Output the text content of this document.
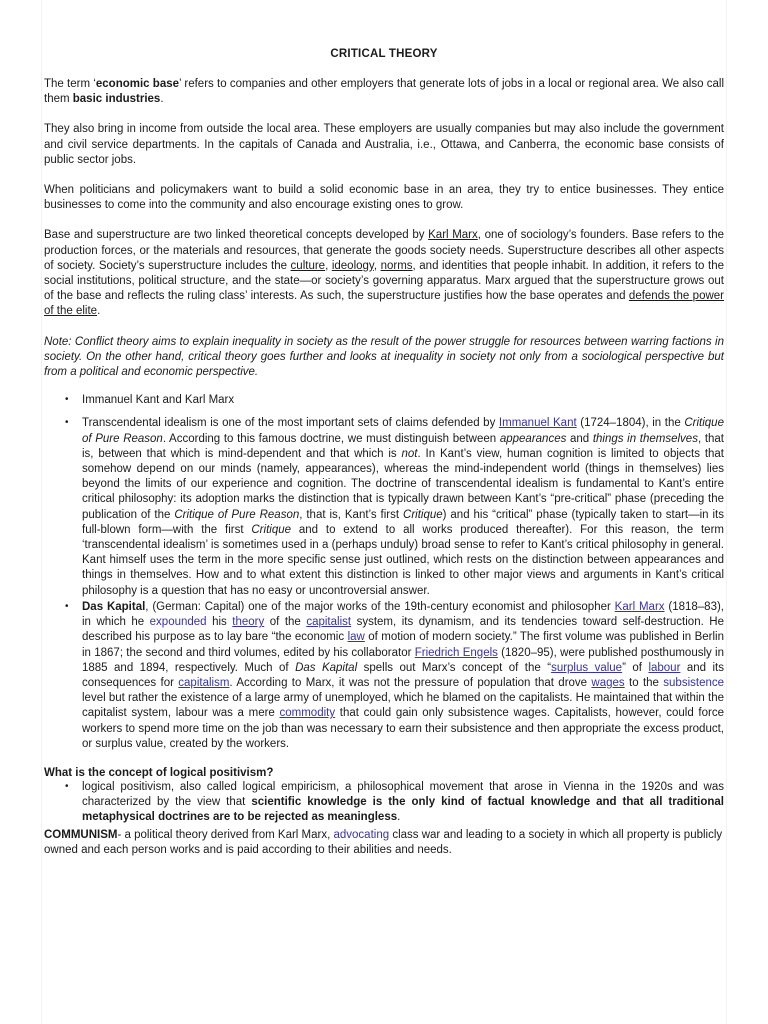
CRITICAL THEORY

The term ‘economic base’ refers to companies and other employers that generate lots of jobs in a local or regional area. We also call them basic industries.

They also bring in income from outside the local area. These employers are usually companies but may also include the government and civil service departments. In the capitals of Canada and Australia, i.e., Ottawa, and Canberra, the economic base consists of public sector jobs.

When politicians and policymakers want to build a solid economic base in an area, they try to entice businesses. They entice businesses to come into the community and also encourage existing ones to grow.

Base and superstructure are two linked theoretical concepts developed by Karl Marx, one of sociology’s founders. Base refers to the production forces, or the materials and resources, that generate the goods society needs. Superstructure describes all other aspects of society. Society’s superstructure includes the culture, ideology, norms, and identities that people inhabit. In addition, it refers to the social institutions, political structure, and the state—or society’s governing apparatus. Marx argued that the superstructure grows out of the base and reflects the ruling class’ interests. As such, the superstructure justifies how the base operates and defends the power of the elite.

Note: Conflict theory aims to explain inequality in society as the result of the power struggle for resources between warring factions in society. On the other hand, critical theory goes further and looks at inequality in society not only from a sociological perspective but from a political and economic perspective.

• Immanuel Kant and Karl Marx
• Transcendental idealism is one of the most important sets of claims defended by Immanuel Kant (1724–1804), in the Critique of Pure Reason. According to this famous doctrine, we must distinguish between appearances and things in themselves, that is, between that which is mind-dependent and that which is not. In Kant’s view, human cognition is limited to objects that somehow depend on our minds (namely, appearances), whereas the mind-independent world (things in themselves) lies beyond the limits of our experience and cognition. The doctrine of transcendental idealism is fundamental to Kant’s entire critical philosophy: its adoption marks the distinction that is typically drawn between Kant’s “pre-critical” phase (preceding the publication of the Critique of Pure Reason, that is, Kant’s first Critique) and his “critical” phase (typically taken to start—in its full-blown form—with the first Critique and to extend to all works produced thereafter). For this reason, the term ‘transcendental idealism’ is sometimes used in a (perhaps unduly) broad sense to refer to Kant’s critical philosophy in general. Kant himself uses the term in the more specific sense just outlined, which rests on the distinction between appearances and things in themselves. How and to what extent this distinction is linked to other major views and arguments in Kant’s critical philosophy is a question that has no easy or uncontroversial answer.
• Das Kapital, (German: Capital) one of the major works of the 19th-century economist and philosopher Karl Marx (1818–83), in which he expounded his theory of the capitalist system, its dynamism, and its tendencies toward self-destruction. He described his purpose as to lay bare “the economic law of motion of modern society.” The first volume was published in Berlin in 1867; the second and third volumes, edited by his collaborator Friedrich Engels (1820–95), were published posthumously in 1885 and 1894, respectively. Much of Das Kapital spells out Marx’s concept of the “surplus value” of labour and its consequences for capitalism. According to Marx, it was not the pressure of population that drove wages to the subsistence level but rather the existence of a large army of unemployed, which he blamed on the capitalists. He maintained that within the capitalist system, labour was a mere commodity that could gain only subsistence wages. Capitalists, however, could force workers to spend more time on the job than was necessary to earn their subsistence and then appropriate the excess product, or surplus value, created by the workers.
What is the concept of logical positivism?
• logical positivism, also called logical empiricism, a philosophical movement that arose in Vienna in the 1920s and was characterized by the view that scientific knowledge is the only kind of factual knowledge and that all traditional metaphysical doctrines are to be rejected as meaningless.

COMMUNISM- a political theory derived from Karl Marx, advocating class war and leading to a society in which all property is publicly owned and each person works and is paid according to their abilities and needs.
